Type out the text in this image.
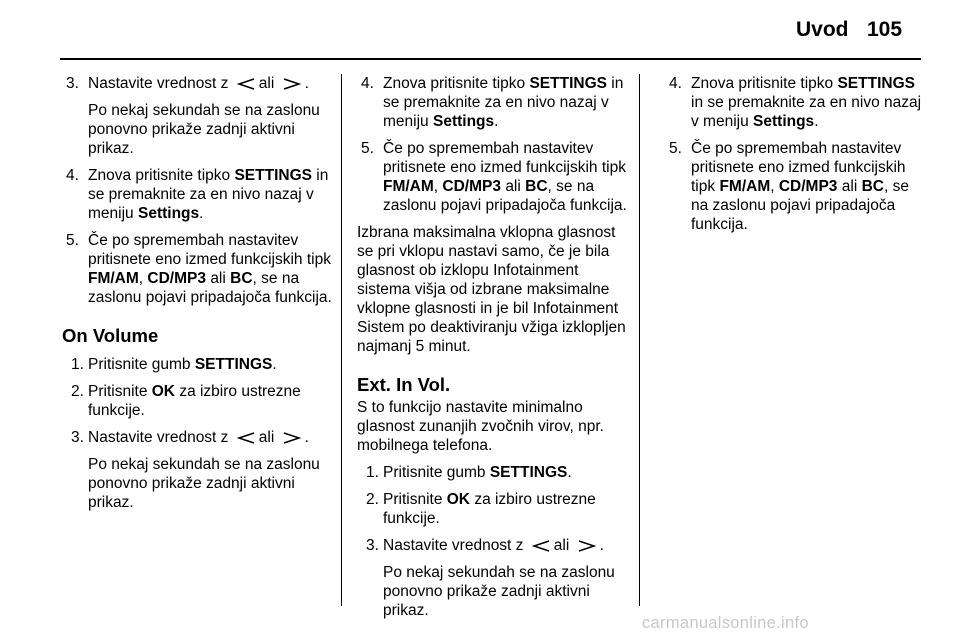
Uvod 105
3. Nastavite vrednost z ali .
Po nekaj sekundah se na zaslonu ponovno prikaže zadnji aktivni prikaz.
4. Znova pritisnite tipko SETTINGS in se premaknite za en nivo nazaj v meniju Settings.
5. Če po spremembah nastavitev pritisnete eno izmed funkcijskih tipk FM/AM, CD/MP3 ali BC, se na zaslonu pojavi pripadajoča funkcija.
On Volume
1. Pritisnite gumb SETTINGS.
2. Pritisnite OK za izbiro ustrezne funkcije.
3. Nastavite vrednost z ali .
Po nekaj sekundah se na zaslonu ponovno prikaže zadnji aktivni prikaz.
4. Znova pritisnite tipko SETTINGS in se premaknite za en nivo nazaj v meniju Settings.
5. Če po spremembah nastavitev pritisnete eno izmed funkcijskih tipk FM/AM, CD/MP3 ali BC, se na zaslonu pojavi pripadajoča funkcija.
Izbrana maksimalna vklopna glasnost se pri vklopu nastavi samo, če je bila glasnost ob izklopu Infotainment sistema višja od izbrane maksimalne vklopne glasnosti in je bil Infotainment Sistem po deaktiviranju vžiga izklopljen najmanj 5 minut.
Ext. In Vol.
S to funkcijo nastavite minimalno glasnost zunanjih zvočnih virov, npr. mobilnega telefona.
1. Pritisnite gumb SETTINGS.
2. Pritisnite OK za izbiro ustrezne funkcije.
3. Nastavite vrednost z ali .
Po nekaj sekundah se na zaslonu ponovno prikaže zadnji aktivni prikaz.
4. Znova pritisnite tipko SETTINGS in se premaknite za en nivo nazaj v meniju Settings.
5. Če po spremembah nastavitev pritisnete eno izmed funkcijskih tipk FM/AM, CD/MP3 ali BC, se na zaslonu pojavi pripadajoča funkcija.
carmanualsonline.info
